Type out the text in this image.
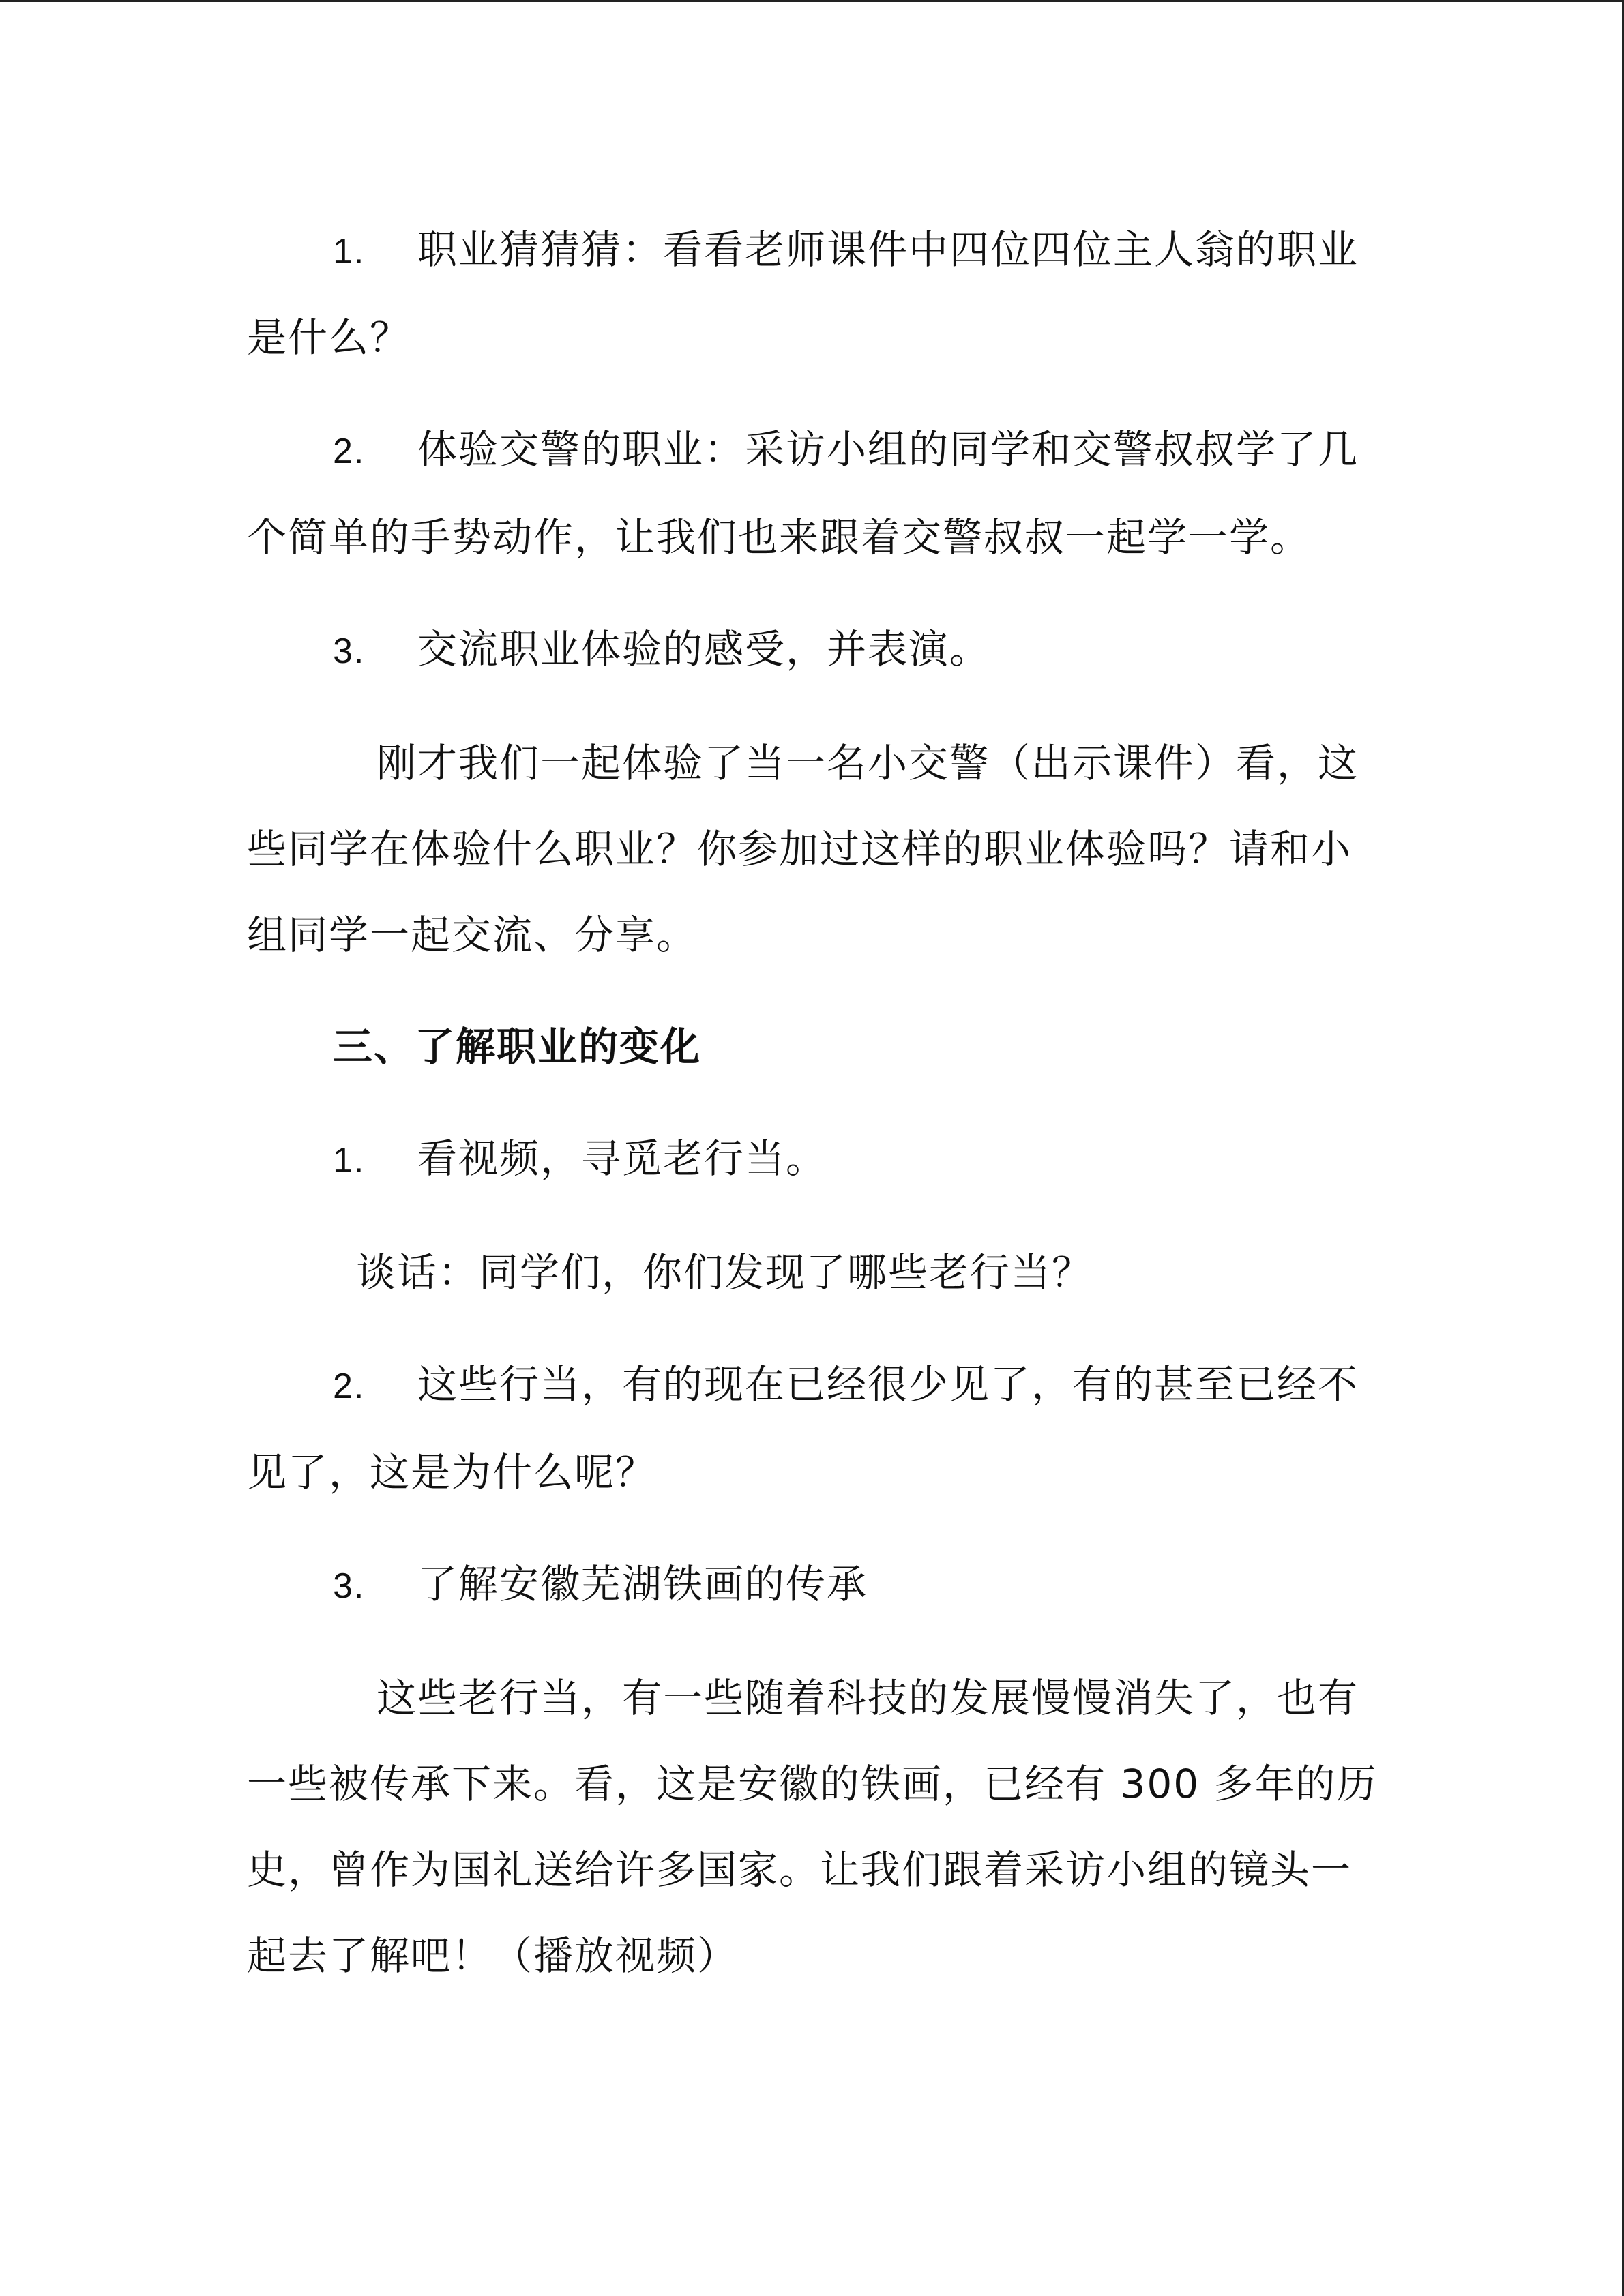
1. 职业猜猜猜：看看老师课件中四位四位主人翁的职业是什么？

2. 体验交警的职业：采访小组的同学和交警叔叔学了几个简单的手势动作，让我们也来跟着交警叔叔一起学一学。

3. 交流职业体验的感受，并表演。

刚才我们一起体验了当一名小交警（出示课件）看，这些同学在体验什么职业？你参加过这样的职业体验吗？请和小组同学一起交流、分享。

三、了解职业的变化

1. 看视频，寻觅老行当。

谈话：同学们，你们发现了哪些老行当？

2. 这些行当，有的现在已经很少见了，有的甚至已经不见了，这是为什么呢？

3. 了解安徽芜湖铁画的传承

这些老行当，有一些随着科技的发展慢慢消失了，也有一些被传承下来。看，这是安徽的铁画，已经有 300 多年的历史，曾作为国礼送给许多国家。让我们跟着采访小组的镜头一起去了解吧！（播放视频）
